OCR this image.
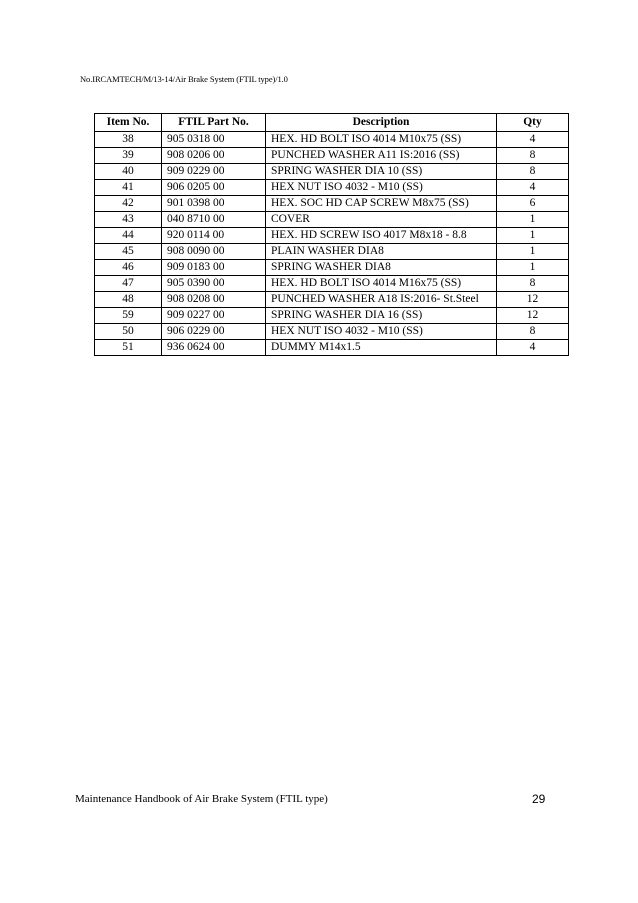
No.IRCAMTECH/M/13-14/Air Brake System (FTIL type)/1.0
Item No.	FTIL Part No.	Description	Qty
38	905 0318 00	HEX. HD BOLT ISO 4014 M10x75 (SS)	4
39	908 0206 00	PUNCHED WASHER A11 IS:2016 (SS)	8
40	909 0229 00	SPRING WASHER DIA 10 (SS)	8
41	906 0205 00	HEX NUT ISO 4032 - M10 (SS)	4
42	901 0398 00	HEX. SOC HD CAP SCREW M8x75 (SS)	6
43	040 8710 00	COVER	1
44	920 0114 00	HEX. HD SCREW ISO 4017 M8x18 - 8.8	1
45	908 0090 00	PLAIN WASHER DIA8	1
46	909 0183 00	SPRING WASHER DIA8	1
47	905 0390 00	HEX. HD BOLT ISO 4014 M16x75 (SS)	8
48	908 0208 00	PUNCHED WASHER A18 IS:2016- St.Steel	12
59	909 0227 00	SPRING WASHER DIA 16 (SS)	12
50	906 0229 00	HEX NUT ISO 4032 - M10 (SS)	8
51	936 0624 00	DUMMY M14x1.5	4
Maintenance Handbook of Air Brake System (FTIL type)	29
